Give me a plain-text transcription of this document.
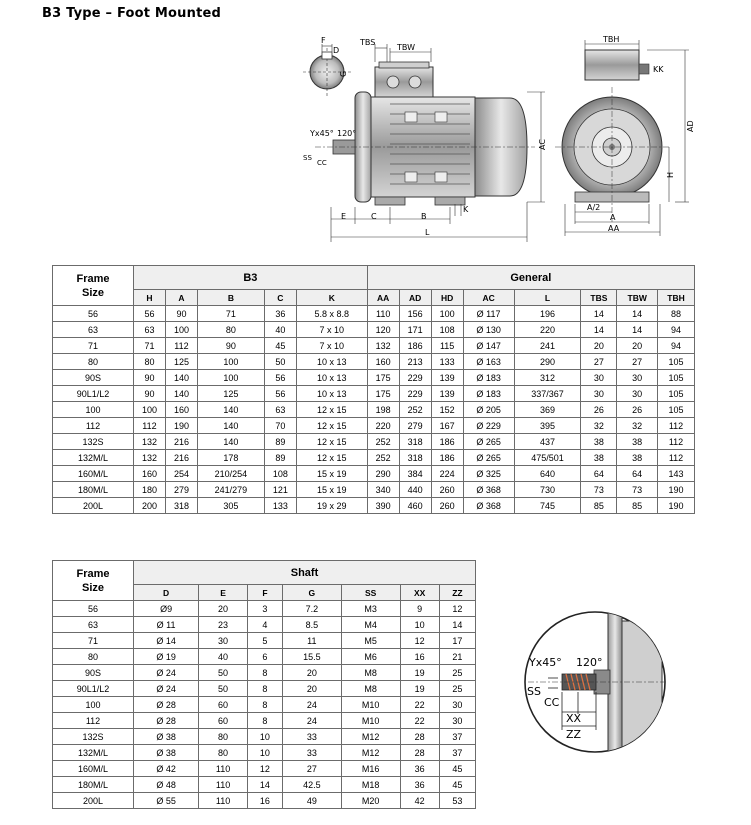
B3 Type – Foot Mounted
F
D
G
TBS
TBW
AC
E	C	B
K
L
Yx45° 120°
SS
CC
TBH
KK
AD
H
A/2
A
AA
Frame
Size	B3					General							
	H	A	B	C	K	AA	AD	HD	AC	L	TBS	TBW	TBH
56	56	90	71	36	5.8 x 8.8	110	156	100	Ø 117	196	14	14	88
63	63	100	80	40	7 x 10	120	171	108	Ø 130	220	14	14	94
71	71	112	90	45	7 x 10	132	186	115	Ø 147	241	20	20	94
80	80	125	100	50	10 x 13	160	213	133	Ø 163	290	27	27	105
90S	90	140	100	56	10 x 13	175	229	139	Ø 183	312	30	30	105
90L1/L2	90	140	125	56	10 x 13	175	229	139	Ø 183	337/367	30	30	105
100	100	160	140	63	12 x 15	198	252	152	Ø 205	369	26	26	105
112	112	190	140	70	12 x 15	220	279	167	Ø 229	395	32	32	112
132S	132	216	140	89	12 x 15	252	318	186	Ø 265	437	38	38	112
132M/L	132	216	178	89	12 x 15	252	318	186	Ø 265	475/501	38	38	112
160M/L	160	254	210/254	108	15 x 19	290	384	224	Ø 325	640	64	64	143
180M/L	180	279	241/279	121	15 x 19	340	440	260	Ø 368	730	73	73	190
200L	200	318	305	133	19 x 29	390	460	260	Ø 368	745	85	85	190
Frame
Size	Shaft						
	D	E	F	G	SS	XX	ZZ
56	Ø9	20	3	7.2	M3	9	12
63	Ø 11	23	4	8.5	M4	10	14
71	Ø 14	30	5	11	M5	12	17
80	Ø 19	40	6	15.5	M6	16	21
90S	Ø 24	50	8	20	M8	19	25
90L1/L2	Ø 24	50	8	20	M8	19	25
100	Ø 28	60	8	24	M10	22	30
112	Ø 28	60	8	24	M10	22	30
132S	Ø 38	80	10	33	M12	28	37
132M/L	Ø 38	80	10	33	M12	28	37
160M/L	Ø 42	110	12	27	M16	36	45
180M/L	Ø 48	110	14	42.5	M18	36	45
200L	Ø 55	110	16	49	M20	42	53
Yx45° 120°
SS
CC
XX
ZZ
